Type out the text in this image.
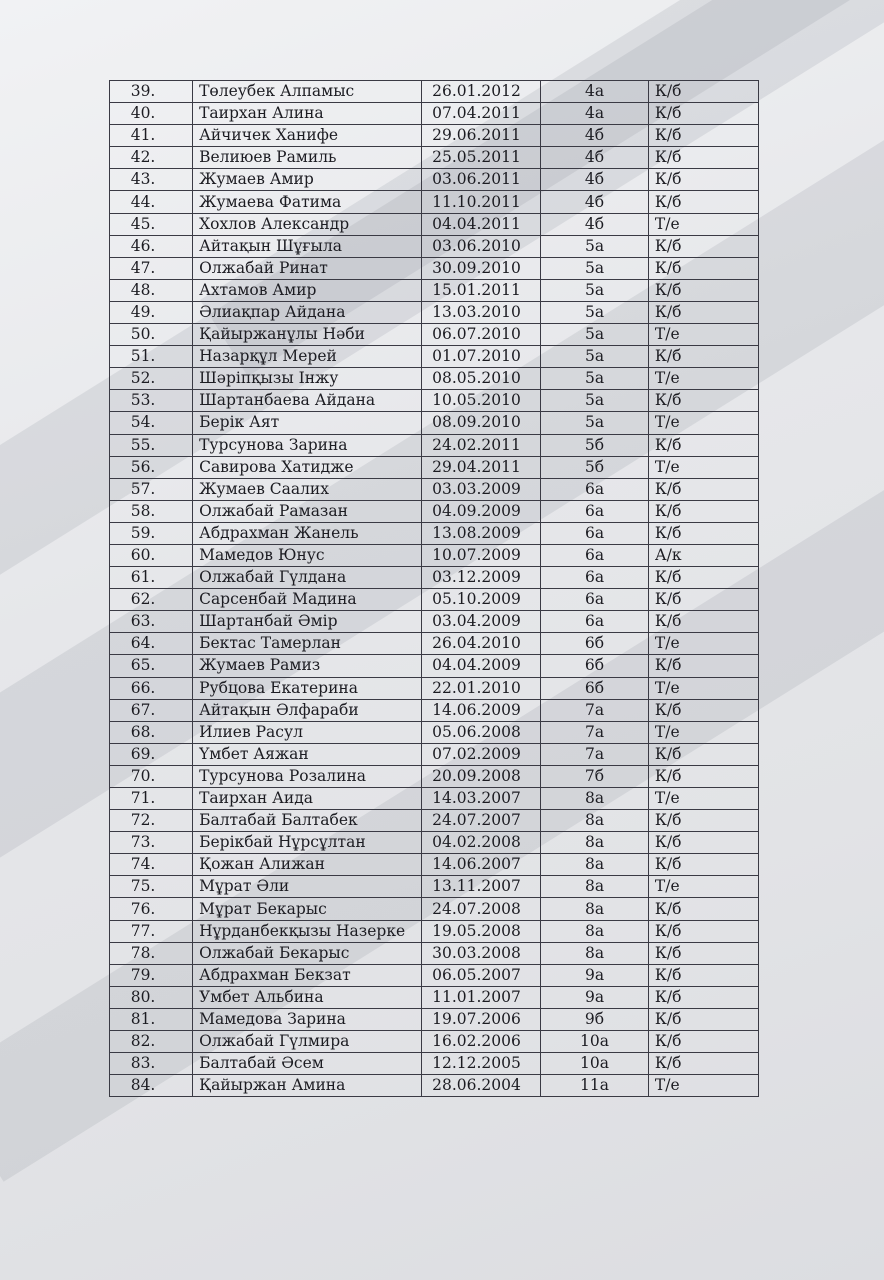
39.	Төлеубек Алпамыс	26.01.2012	4а	К/б
40.	Таирхан Алина	07.04.2011	4а	К/б
41.	Айчичек Ханифе	29.06.2011	4б	К/б
42.	Велиюев Рамиль	25.05.2011	4б	К/б
43.	Жумаев Амир	03.06.2011	4б	К/б
44.	Жумаева Фатима	11.10.2011	4б	К/б
45.	Хохлов Александр	04.04.2011	4б	Т/е
46.	Айтақын Шұғыла	03.06.2010	5а	К/б
47.	Олжабай Ринат	30.09.2010	5а	К/б
48.	Ахтамов Амир	15.01.2011	5а	К/б
49.	Әлиақпар Айдана	13.03.2010	5а	К/б
50.	Қайыржанұлы Нәби	06.07.2010	5а	Т/е
51.	Назарқұл Мерей	01.07.2010	5а	К/б
52.	Шәріпқызы Інжу	08.05.2010	5а	Т/е
53.	Шартанбаева Айдана	10.05.2010	5а	К/б
54.	Берік Аят	08.09.2010	5а	Т/е
55.	Турсунова Зарина	24.02.2011	5б	К/б
56.	Савирова Хатидже	29.04.2011	5б	Т/е
57.	Жумаев Саалих	03.03.2009	6а	К/б
58.	Олжабай Рамазан	04.09.2009	6а	К/б
59.	Абдрахман Жанель	13.08.2009	6а	К/б
60.	Мамедов Юнус	10.07.2009	6а	А/к
61.	Олжабай Гүлдана	03.12.2009	6а	К/б
62.	Сарсенбай Мадина	05.10.2009	6а	К/б
63.	Шартанбай Әмір	03.04.2009	6а	К/б
64.	Бектас Тамерлан	26.04.2010	6б	Т/е
65.	Жумаев Рамиз	04.04.2009	6б	К/б
66.	Рубцова Екатерина	22.01.2010	6б	Т/е
67.	Айтақын Әлфараби	14.06.2009	7а	К/б
68.	Илиев Расул	05.06.2008	7а	Т/е
69.	Үмбет Аяжан	07.02.2009	7а	К/б
70.	Турсунова Розалина	20.09.2008	7б	К/б
71.	Таирхан Аида	14.03.2007	8а	Т/е
72.	Балтабай Балтабек	24.07.2007	8а	К/б
73.	Берікбай Нұрсұлтан	04.02.2008	8а	К/б
74.	Қожан Алижан	14.06.2007	8а	К/б
75.	Мұрат Әли	13.11.2007	8а	Т/е
76.	Мұрат Бекарыс	24.07.2008	8а	К/б
77.	Нұрданбекқызы Назерке	19.05.2008	8а	К/б
78.	Олжабай Бекарыс	30.03.2008	8а	К/б
79.	Абдрахман Бекзат	06.05.2007	9а	К/б
80.	Умбет Альбина	11.01.2007	9а	К/б
81.	Мамедова Зарина	19.07.2006	9б	К/б
82.	Олжабай Гүлмира	16.02.2006	10а	К/б
83.	Балтабай Әсем	12.12.2005	10а	К/б
84.	Қайыржан Амина	28.06.2004	11а	Т/е
